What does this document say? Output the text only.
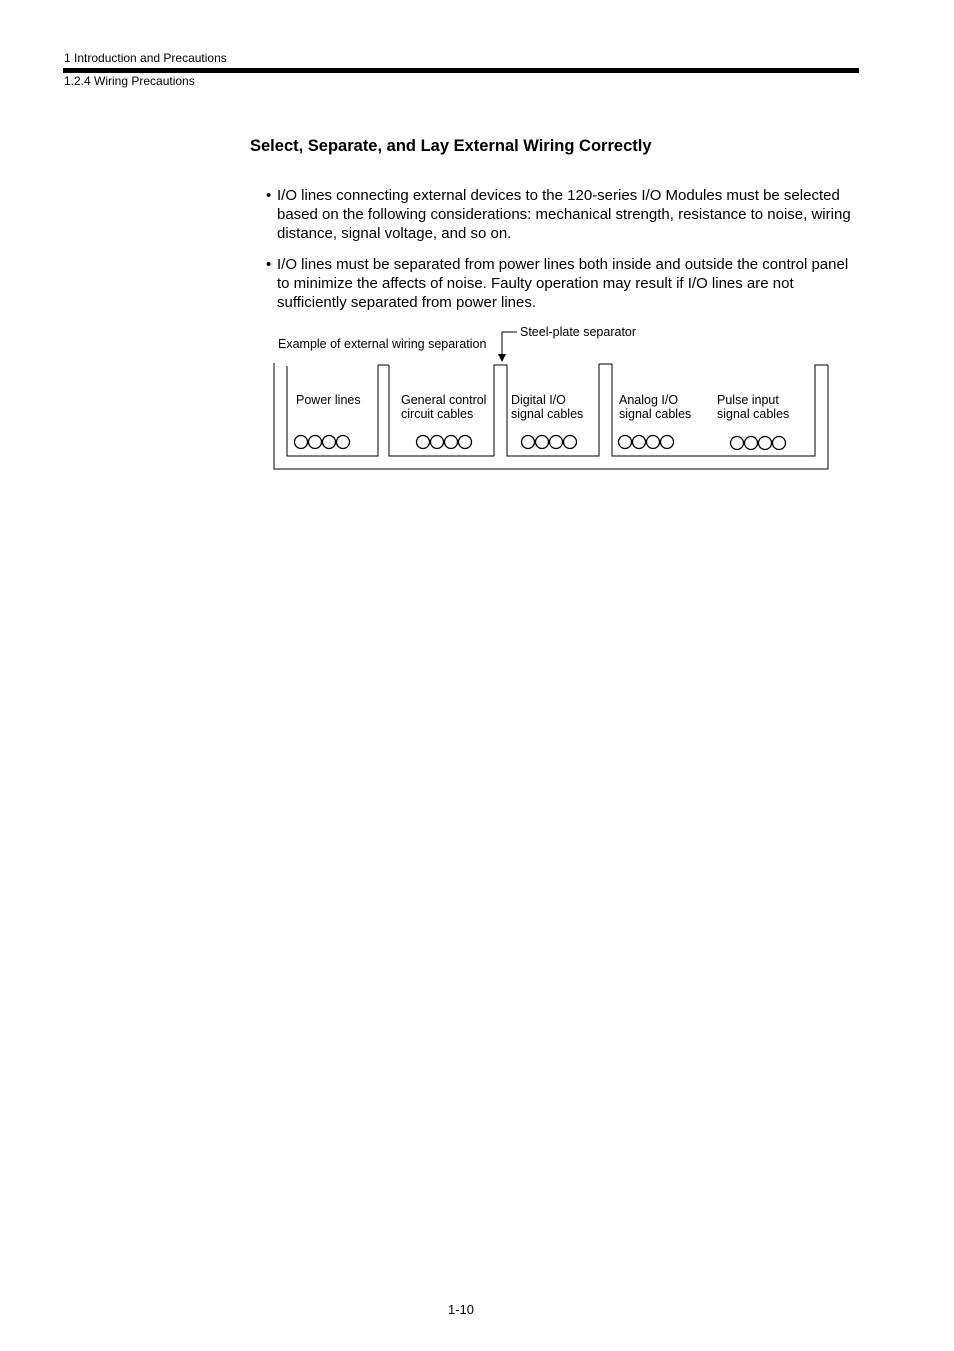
1 Introduction and Precautions
1.2.4 Wiring Precautions
Select, Separate, and Lay External Wiring Correctly
• I/O lines connecting external devices to the 120-series I/O Modules must be selected based on the following considerations: mechanical strength, resistance to noise, wiring distance, signal voltage, and so on.
• I/O lines must be separated from power lines both inside and outside the control panel to minimize the affects of noise. Faulty operation may result if I/O lines are not sufficiently separated from power lines.
Example of external wiring separation
Steel-plate separator
Power lines	General control
circuit cables
Digital I/O
signal cables
Analog I/O
signal cables
Pulse input
signal cables
1-10
